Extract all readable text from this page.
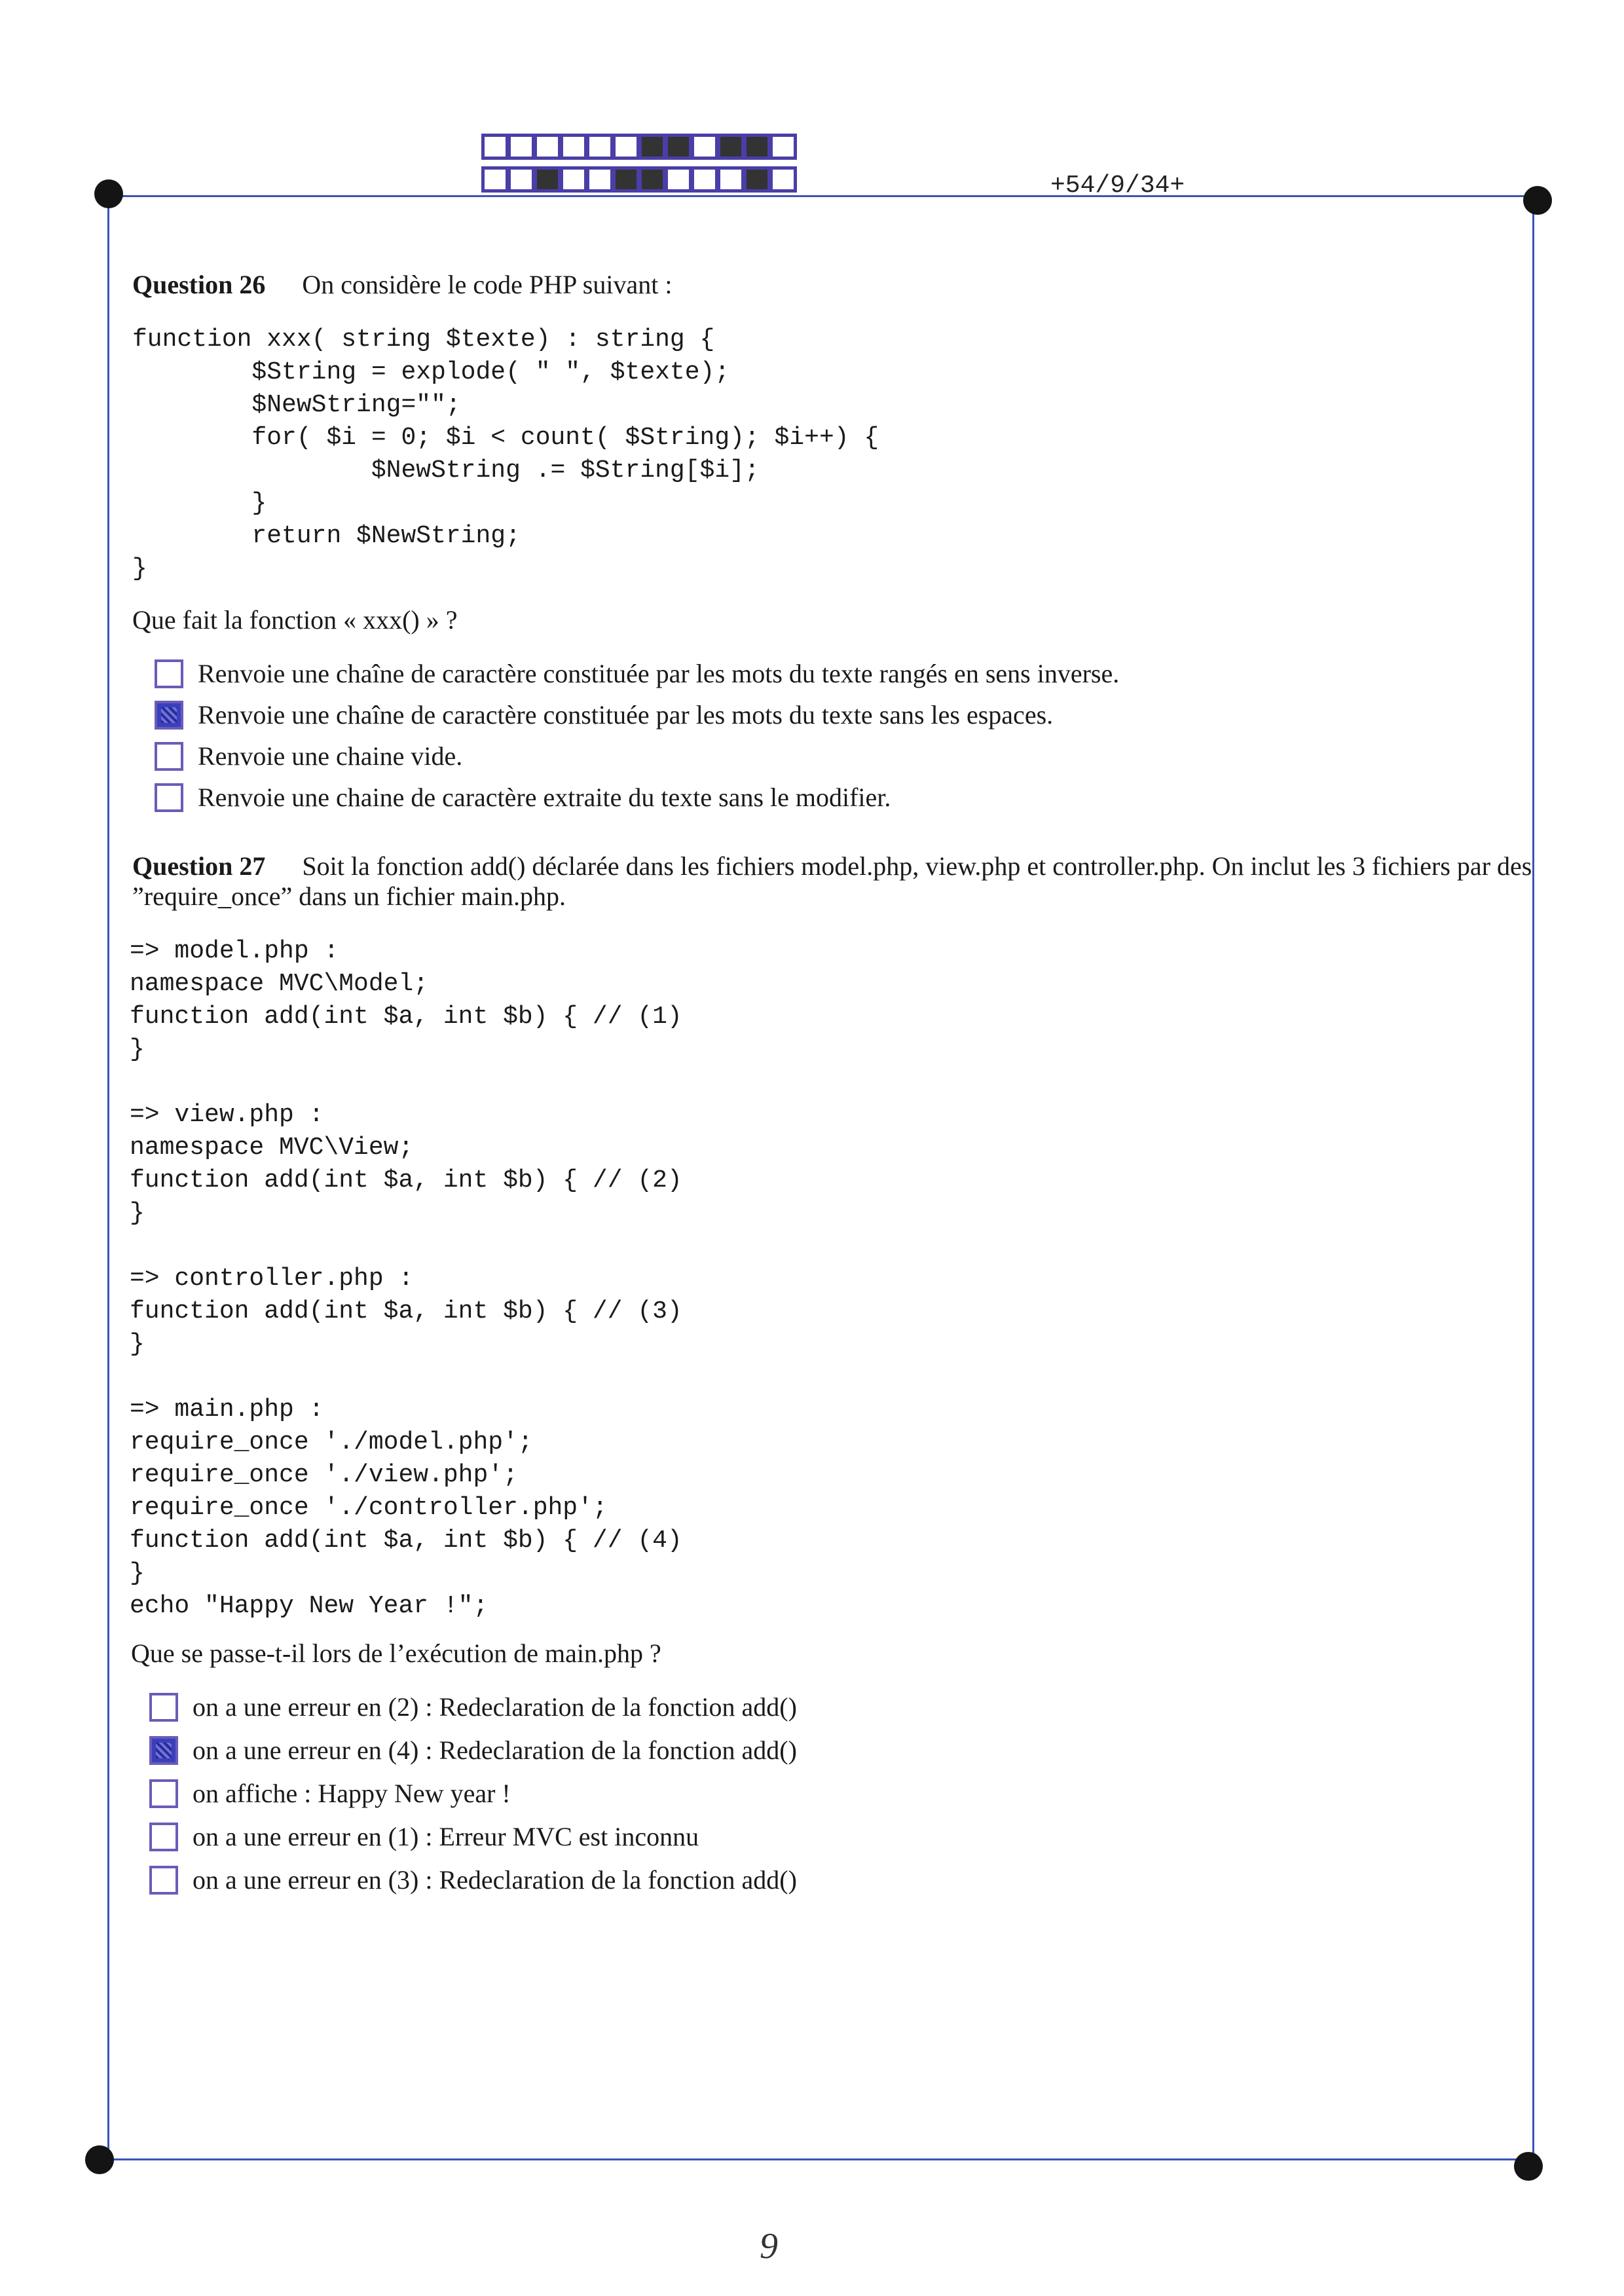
+54/9/34+
Question 26 On considère le code PHP suivant :
function xxx( string $texte) : string {
$String = explode( " ", $texte);
$NewString="";
for( $i = 0; $i < count( $String); $i++) {
$NewString .= $String[$i];
}
return $NewString;
}
Que fait la fonction « xxx() » ?
Renvoie une chaîne de caractère constituée par les mots du texte rangés en sens inverse.
Renvoie une chaîne de caractère constituée par les mots du texte sans les espaces.
Renvoie une chaine vide.
Renvoie une chaine de caractère extraite du texte sans le modifier.
Question 27 Soit la fonction add() déclarée dans les fichiers model.php, view.php et controller.php. On inclut les 3 fichiers par des ”require_once” dans un fichier main.php.
=> model.php :
namespace MVC\Model;
function add(int $a, int $b) { // (1)
}

=> view.php :
namespace MVC\View;
function add(int $a, int $b) { // (2)
}

=> controller.php :
function add(int $a, int $b) { // (3)
}

=> main.php :
require_once './model.php';
require_once './view.php';
require_once './controller.php';
function add(int $a, int $b) { // (4)
}
echo "Happy New Year !";
Que se passe-t-il lors de l’exécution de main.php ?
on a une erreur en (2) : Redeclaration de la fonction add()
on a une erreur en (4) : Redeclaration de la fonction add()
on affiche : Happy New year !
on a une erreur en (1) : Erreur MVC est inconnu
on a une erreur en (3) : Redeclaration de la fonction add()
9
